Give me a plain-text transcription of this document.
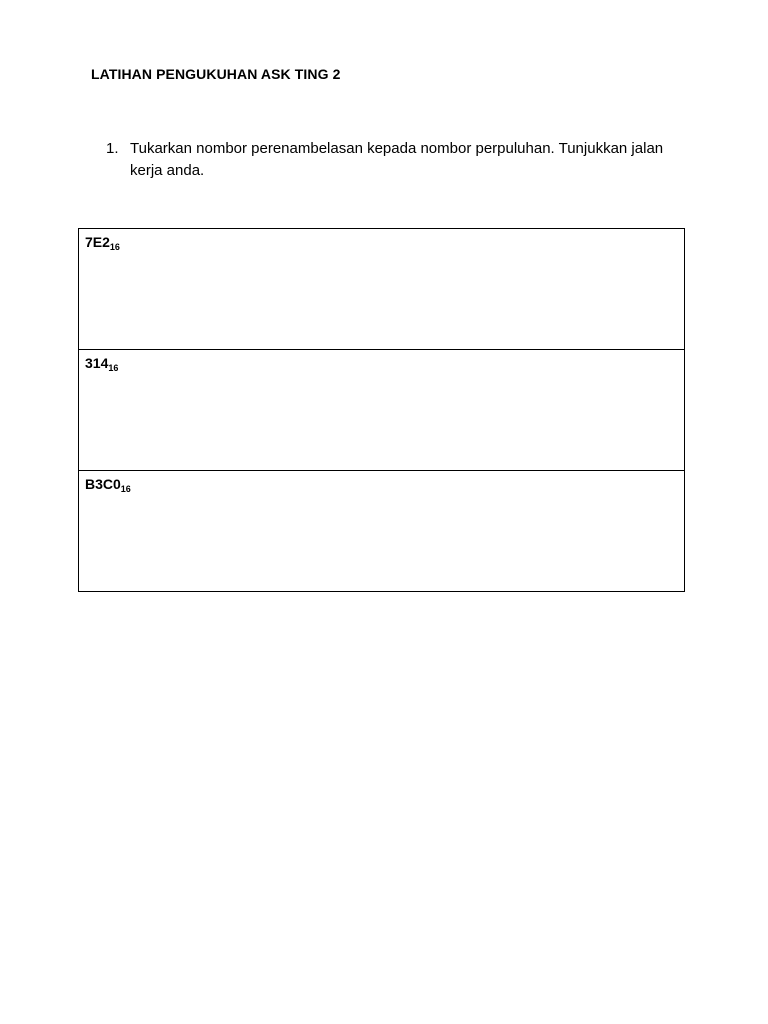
LATIHAN PENGUKUHAN ASK TING 2
1. Tukarkan nombor perenambelasan kepada nombor perpuluhan. Tunjukkan jalan kerja anda.
$7E2_{16}$
$314_{16}$
$B3C0_{16}$
